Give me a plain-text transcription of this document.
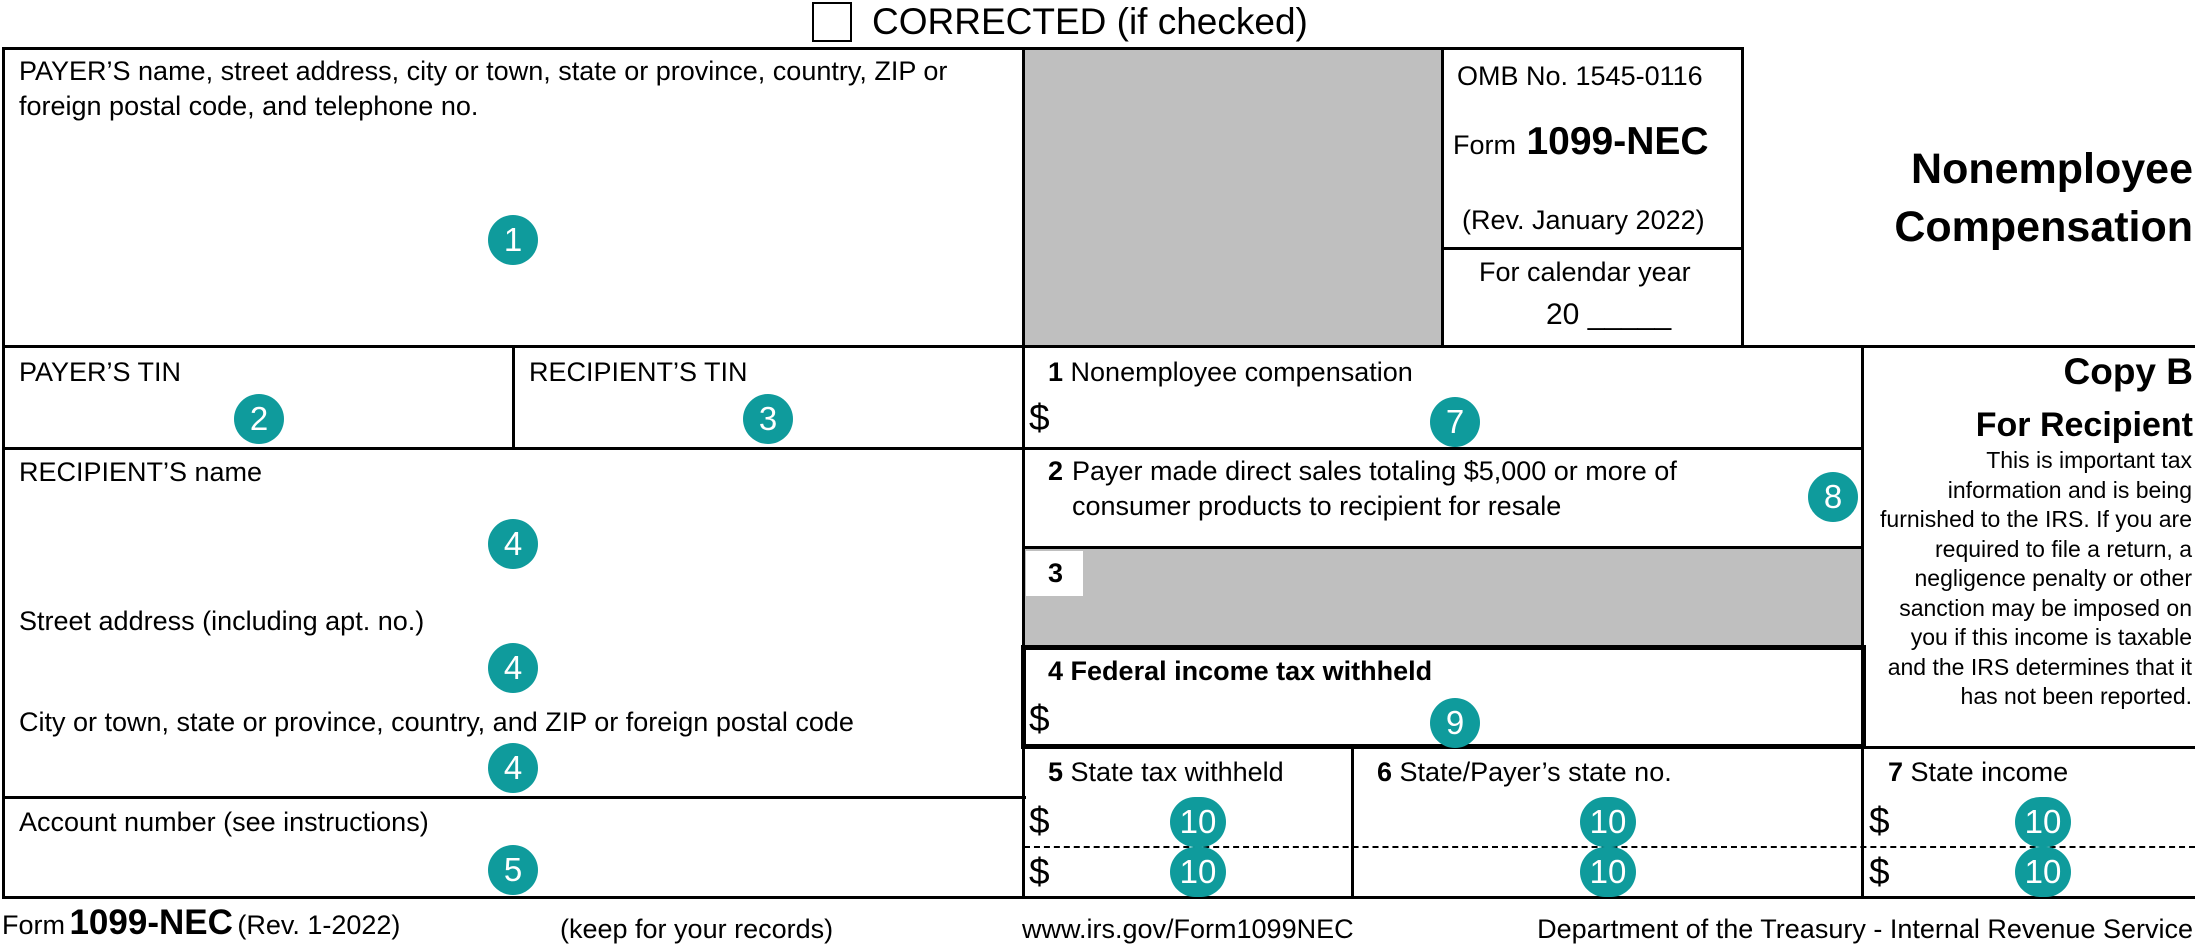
CORRECTED (if checked)
PAYER’S name, street address, city or town, state or province, country, ZIP or foreign postal code, and telephone no.
1
OMB No. 1545-0116
Form 1099-NEC
(Rev. January 2022)
For calendar year
20 _____
Nonemployee
Compensation
PAYER’S TIN
2
RECIPIENT’S TIN
3
RECIPIENT’S name
4
Street address (including apt. no.)
4
City or town, state or province, country, and ZIP or foreign postal code
4
Account number (see instructions)
5
1 Nonemployee compensation
$	7
2 Payer made direct sales totaling $5,000 or more of consumer products to recipient for resale	8
3
4 Federal income tax withheld
$	9
5 State tax withheld
$	10
$	10
6 State/Payer’s state no.
10
10
7 State income
$	10
$	10
Copy B
For Recipient
This is important tax information and is being furnished to the IRS. If you are required to file a return, a negligence penalty or other sanction may be imposed on you if this income is taxable and the IRS determines that it has not been reported.
Form 1099-NEC (Rev. 1-2022)	(keep for your records)	www.irs.gov/Form1099NEC	Department of the Treasury - Internal Revenue Service
